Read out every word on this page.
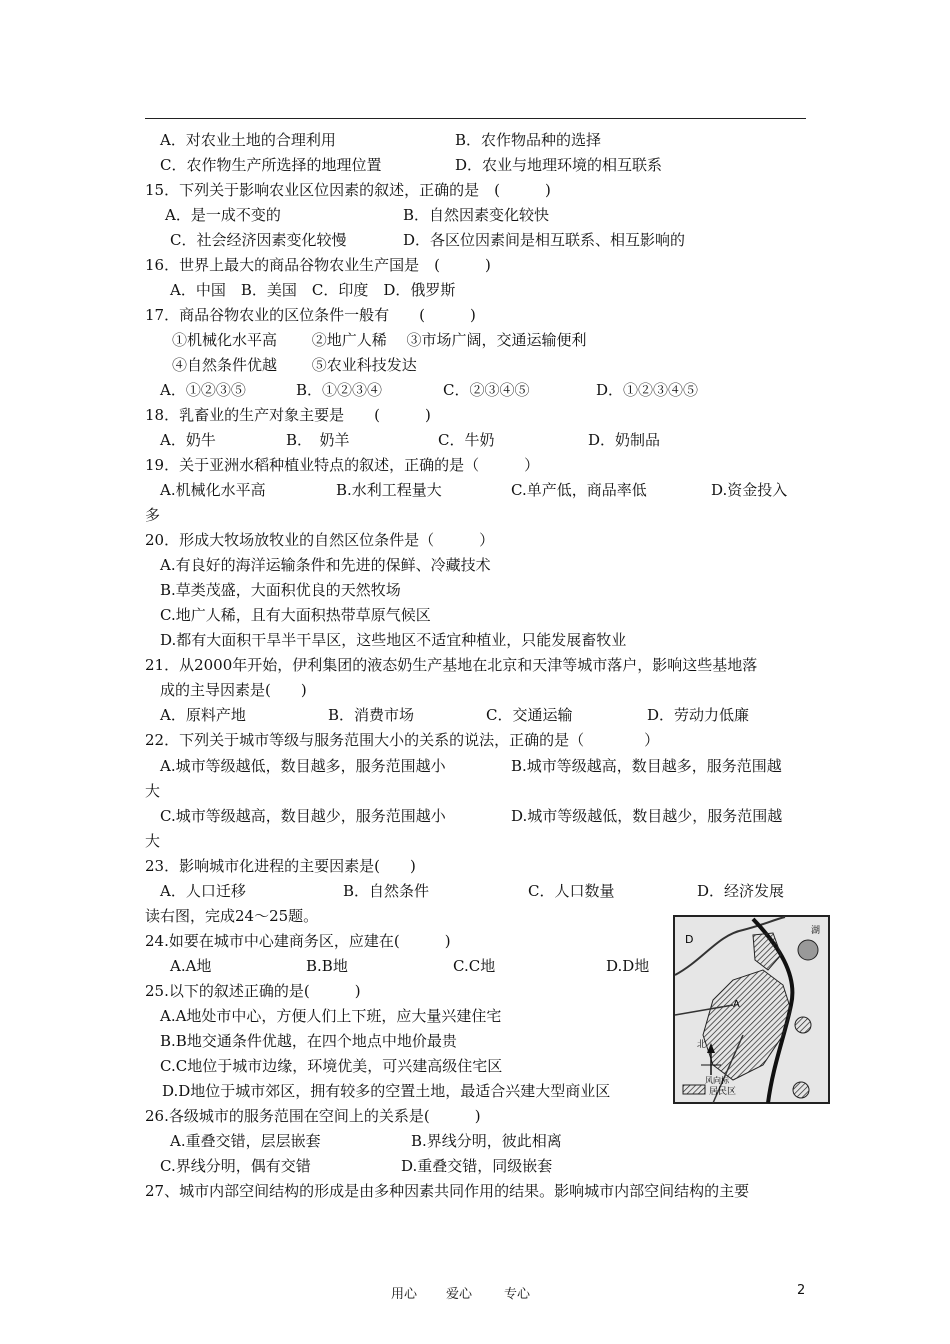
A．对农业土地的合理利用	B．农作物品种的选择
C．农作物生产所选择的地理位置	D．农业与地理环境的相互联系
15．下列关于影响农业区位因素的叙述，正确的是　(　　　)
A．是一成不变的	B．自然因素变化较快
C．社会经济因素变化较慢	D．各区位因素间是相互联系、相互影响的
16．世界上最大的商品谷物农业生产国是　(　　　)
A．中国　B．美国　C．印度　D．俄罗斯
17．商品谷物农业的区位条件一般有　　(　　　)
①机械化水平高　　 ②地广人稀　 ③市场广阔，交通运输便利
④自然条件优越　　 ⑤农业科技发达
A．①②③⑤	B．①②③④	C．②③④⑤	D．①②③④⑤
18．乳畜业的生产对象主要是　　(　　　)
A．奶牛	B．　奶羊	C．牛奶	D．奶制品
19．关于亚洲水稻种植业特点的叙述，正确的是（　　　）
A.机械化水平高	B.水利工程量大	C.单产低，商品率低	D.资金投入
多
20．形成大牧场放牧业的自然区位条件是（　　　）
A.有良好的海洋运输条件和先进的保鲜、冷藏技术
B.草类茂盛，大面积优良的天然牧场
C.地广人稀，且有大面积热带草原气候区
D.都有大面积干旱半干旱区，这些地区不适宜种植业，只能发展畜牧业
21．从2000年开始，伊利集团的液态奶生产基地在北京和天津等城市落户，影响这些基地落
成的主导因素是(　　)
A．原料产地	B．消费市场	C．交通运输	D．劳动力低廉
22．下列关于城市等级与服务范围大小的关系的说法，正确的是（　　　　）
A.城市等级越低，数目越多，服务范围越小	B.城市等级越高，数目越多，服务范围越
大
C.城市等级越高，数目越少，服务范围越小	D.城市等级越低，数目越少，服务范围越
大
23．影响城市化进程的主要因素是(　　)
A．人口迁移	B．自然条件	C．人口数量	D．经济发展
读右图，完成24～25题。
24.如要在城市中心建商务区，应建在(　　　)
A.A地	B.B地	C.C地	D.D地
25.以下的叙述正确的是(　　　)
A.A地处市中心，方便人们上下班，应大量兴建住宅
B.B地交通条件优越，在四个地点中地价最贵
C.C地位于城市边缘，环境优美，可兴建高级住宅区
D.D地位于城市郊区，拥有较多的空置土地，最适合兴建大型商业区
26.各级城市的服务范围在空间上的关系是(　　　)
A.重叠交错，层层嵌套	B.界线分明，彼此相离
C.界线分明，偶有交错	D.重叠交错，同级嵌套
27、城市内部空间结构的形成是由多种因素共同作用的结果。影响城市内部空间结构的主要
D
湖
A
北
风向标
居民区
用心 爱心 专心	2
